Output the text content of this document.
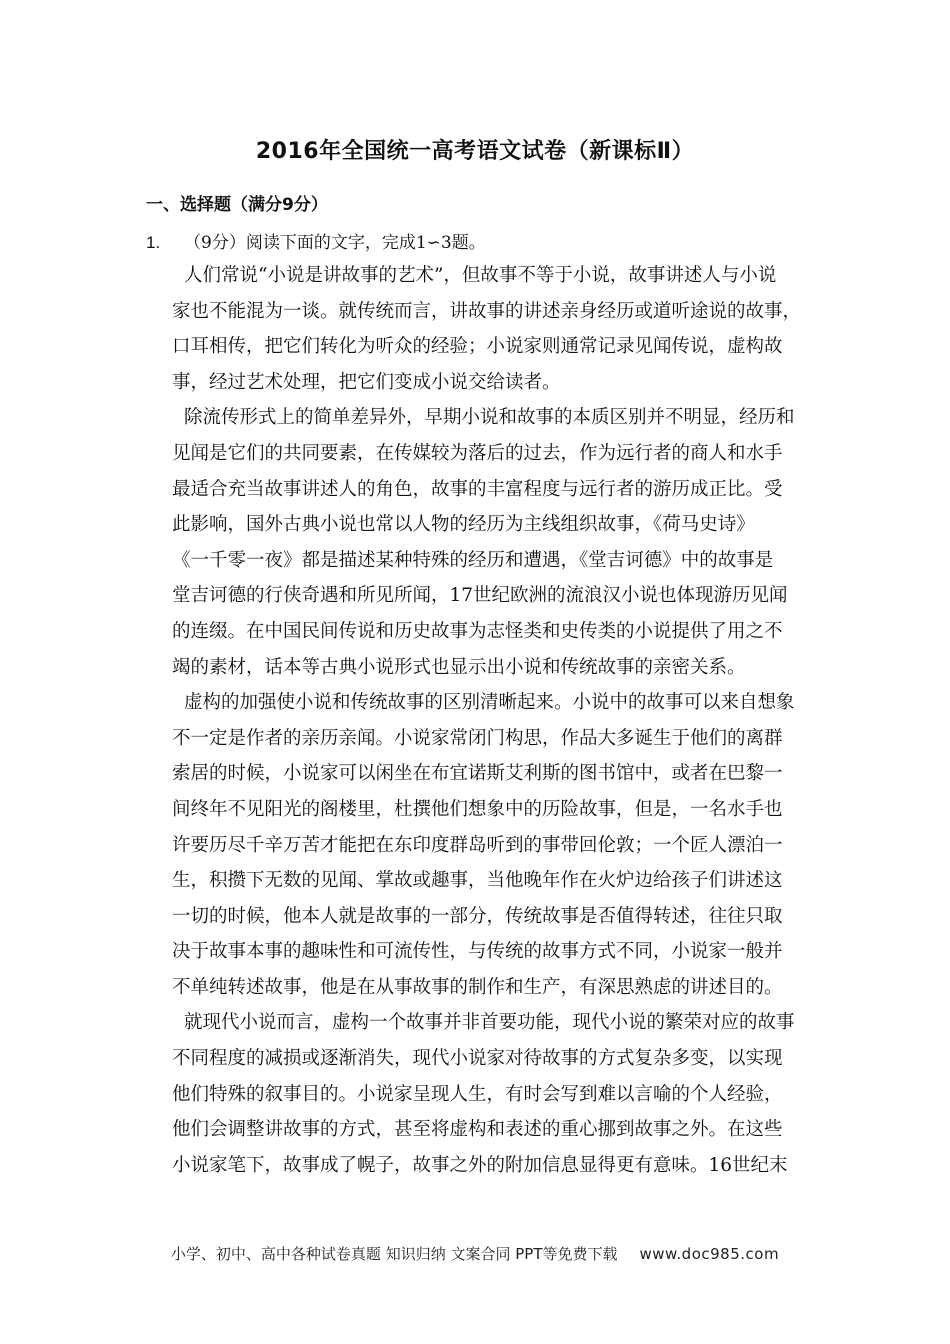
2016年全国统一高考语文试卷（新课标Ⅱ）
一、选择题（满分9分）
1. （9分）阅读下面的文字，完成1∽3题。
人们常说“小说是讲故事的艺术”，但故事不等于小说，故事讲述人与小说
家也不能混为一谈。就传统而言，讲故事的讲述亲身经历或道听途说的故事，
口耳相传，把它们转化为听众的经验；小说家则通常记录见闻传说，虚构故
事，经过艺术处理，把它们变成小说交给读者。
除流传形式上的简单差异外，早期小说和故事的本质区别并不明显，经历和
见闻是它们的共同要素，在传媒较为落后的过去，作为远行者的商人和水手
最适合充当故事讲述人的角色，故事的丰富程度与远行者的游历成正比。受
此影响，国外古典小说也常以人物的经历为主线组织故事，《荷马史诗》
《一千零一夜》都是描述某种特殊的经历和遭遇，《堂吉诃德》中的故事是
堂吉诃德的行侠奇遇和所见所闻，17世纪欧洲的流浪汉小说也体现游历见闻
的连缀。在中国民间传说和历史故事为志怪类和史传类的小说提供了用之不
竭的素材，话本等古典小说形式也显示出小说和传统故事的亲密关系。
虚构的加强使小说和传统故事的区别清晰起来。小说中的故事可以来自想象
不一定是作者的亲历亲闻。小说家常闭门构思，作品大多诞生于他们的离群
索居的时候，小说家可以闲坐在布宜诺斯艾利斯的图书馆中，或者在巴黎一
间终年不见阳光的阁楼里，杜撰他们想象中的历险故事，但是，一名水手也
许要历尽千辛万苦才能把在东印度群岛听到的事带回伦敦；一个匠人漂泊一
生，积攒下无数的见闻、掌故或趣事，当他晚年作在火炉边给孩子们讲述这
一切的时候，他本人就是故事的一部分，传统故事是否值得转述，往往只取
决于故事本事的趣味性和可流传性，与传统的故事方式不同，小说家一般并
不单纯转述故事，他是在从事故事的制作和生产，有深思熟虑的讲述目的。
就现代小说而言，虚构一个故事并非首要功能，现代小说的繁荣对应的故事
不同程度的减损或逐渐消失，现代小说家对待故事的方式复杂多变，以实现
他们特殊的叙事目的。小说家呈现人生，有时会写到难以言喻的个人经验，
他们会调整讲故事的方式，甚至将虚构和表述的重心挪到故事之外。在这些
小说家笔下，故事成了幌子，故事之外的附加信息显得更有意味。16世纪末
小学、初中、高中各种试卷真题 知识归纳 文案合同 PPT等免费下载 www.doc985.com
